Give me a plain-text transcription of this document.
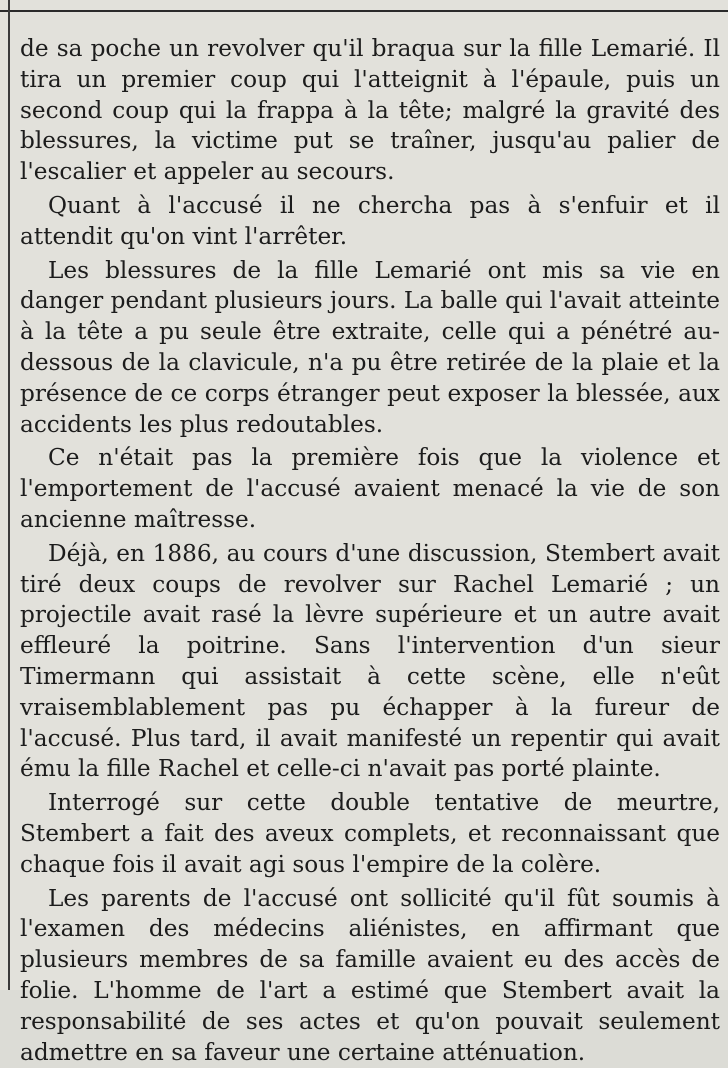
de sa poche un revolver qu'il braqua sur la fille Lemarié. Il tira un premier coup qui l'atteignit à l'épaule, puis un second coup qui la frappa à la tête; malgré la gravité des blessures, la victime put se traîner, jusqu'au palier de l'escalier et appeler au secours.

Quant à l'accusé il ne chercha pas à s'enfuir et il attendit qu'on vint l'arrêter.

Les blessures de la fille Lemarié ont mis sa vie en danger pendant plusieurs jours. La balle qui l'avait atteinte à la tête a pu seule être extraite, celle qui a pénétré au-dessous de la clavicule, n'a pu être retirée de la plaie et la présence de ce corps étranger peut exposer la blessée, aux accidents les plus redoutables.

Ce n'était pas la première fois que la violence et l'emportement de l'accusé avaient menacé la vie de son ancienne maîtresse.

Déjà, en 1886, au cours d'une discussion, Stembert avait tiré deux coups de revolver sur Rachel Lemarié ; un projectile avait rasé la lèvre supérieure et un autre avait effleuré la poitrine. Sans l'intervention d'un sieur Timermann qui assistait à cette scène, elle n'eût vraisemblablement pas pu échapper à la fureur de l'accusé. Plus tard, il avait manifesté un repentir qui avait ému la fille Rachel et celle-ci n'avait pas porté plainte.

Interrogé sur cette double tentative de meurtre, Stembert a fait des aveux complets, et reconnaissant que chaque fois il avait agi sous l'empire de la colère.

Les parents de l'accusé ont sollicité qu'il fût soumis à l'examen des médecins aliénistes, en affirmant que plusieurs membres de sa famille avaient eu des accès de folie. L'homme de l'art a estimé que Stembert avait la responsabilité de ses actes et qu'on pouvait seulement admettre en sa faveur une certaine atténuation.
